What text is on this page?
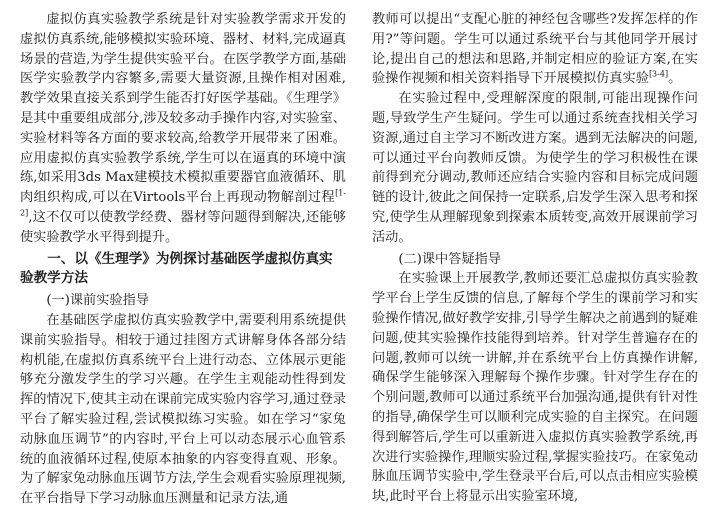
虚拟仿真实验教学系统是针对实验教学需求开发的虚拟仿真系统,能够模拟实验环境、器材、材料,完成逼真场景的营造,为学生提供实验平台。在医学教学方面,基础医学实验教学内容繁多,需要大量资源,且操作相对困难,教学效果直接关系到学生能否打好医学基础。《生理学》是其中重要组成部分,涉及较多动手操作内容,对实验室、实验材料等各方面的要求较高,给教学开展带来了困难。应用虚拟仿真实验教学系统,学生可以在逼真的环境中演练,如采用3ds Max建模技术模拟重要器官血液循环、肌肉组织构成,可以在Virtools平台上再现动物解剖过程[1-2],这不仅可以使教学经费、器材等问题得到解决,还能够使实验教学水平得到提升。

一、以《生理学》为例探讨基础医学虚拟仿真实验教学方法

(一)课前实验指导

在基础医学虚拟仿真实验教学中,需要利用系统提供课前实验指导。相较于通过挂图方式讲解身体各部分结构机能,在虚拟仿真系统平台上进行动态、立体展示更能够充分激发学生的学习兴趣。在学生主观能动性得到发挥的情况下,使其主动在课前完成实验内容学习,通过登录平台了解实验过程,尝试模拟练习实验。如在学习“家兔动脉血压调节”的内容时,平台上可以动态展示心血管系统的血液循环过程,使原本抽象的内容变得直观、形象。为了解家兔动脉血压调节方法,学生会观看实验原理视频,在平台指导下学习动脉血压测量和记录方法,通

教师可以提出“支配心脏的神经包含哪些?发挥怎样的作用?”等问题。学生可以通过系统平台与其他同学开展讨论,提出自己的想法和思路,并制定相应的验证方案,在实验操作视频和相关资料指导下开展模拟仿真实验[3-4]。

在实验过程中,受理解深度的限制,可能出现操作问题,导致学生产生疑问。学生可以通过系统查找相关学习资源,通过自主学习不断改进方案。遇到无法解决的问题,可以通过平台向教师反馈。为使学生的学习积极性在课前得到充分调动,教师还应结合实验内容和目标完成问题链的设计,彼此之间保持一定联系,启发学生深入思考和探究,使学生从理解现象到探索本质转变,高效开展课前学习活动。

(二)课中答疑指导

在实验课上开展教学,教师还要汇总虚拟仿真实验教学平台上学生反馈的信息,了解每个学生的课前学习和实验操作情况,做好教学安排,引导学生解决之前遇到的疑难问题,使其实验操作技能得到培养。针对学生普遍存在的问题,教师可以统一讲解,并在系统平台上仿真操作讲解,确保学生能够深入理解每个操作步骤。针对学生存在的个别问题,教师可以通过系统平台加强沟通,提供有针对性的指导,确保学生可以顺利完成实验的自主探究。在问题得到解答后,学生可以重新进入虚拟仿真实验教学系统,再次进行实验操作,理顺实验过程,掌握实验技巧。在家兔动脉血压调节实验中,学生登录平台后,可以点击相应实验模块,此时平台上将显示出实验室环境,
